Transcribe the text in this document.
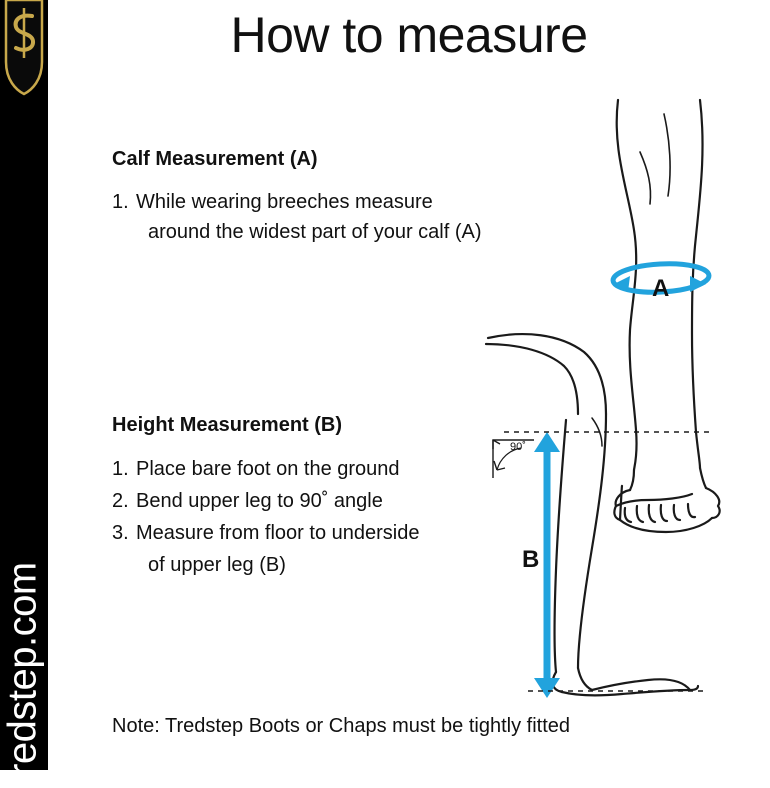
tredstep.com
How to measure
Calf Measurement (A)
1. While wearing breeches measure
around the widest part of your calf (A)
Height Measurement (B)
1. Place bare foot on the ground
2. Bend upper leg to 90˚ angle
3. Measure from floor to underside
of upper leg (B)
Note: Tredstep Boots or Chaps must be tightly fitted
A
B
90˚
